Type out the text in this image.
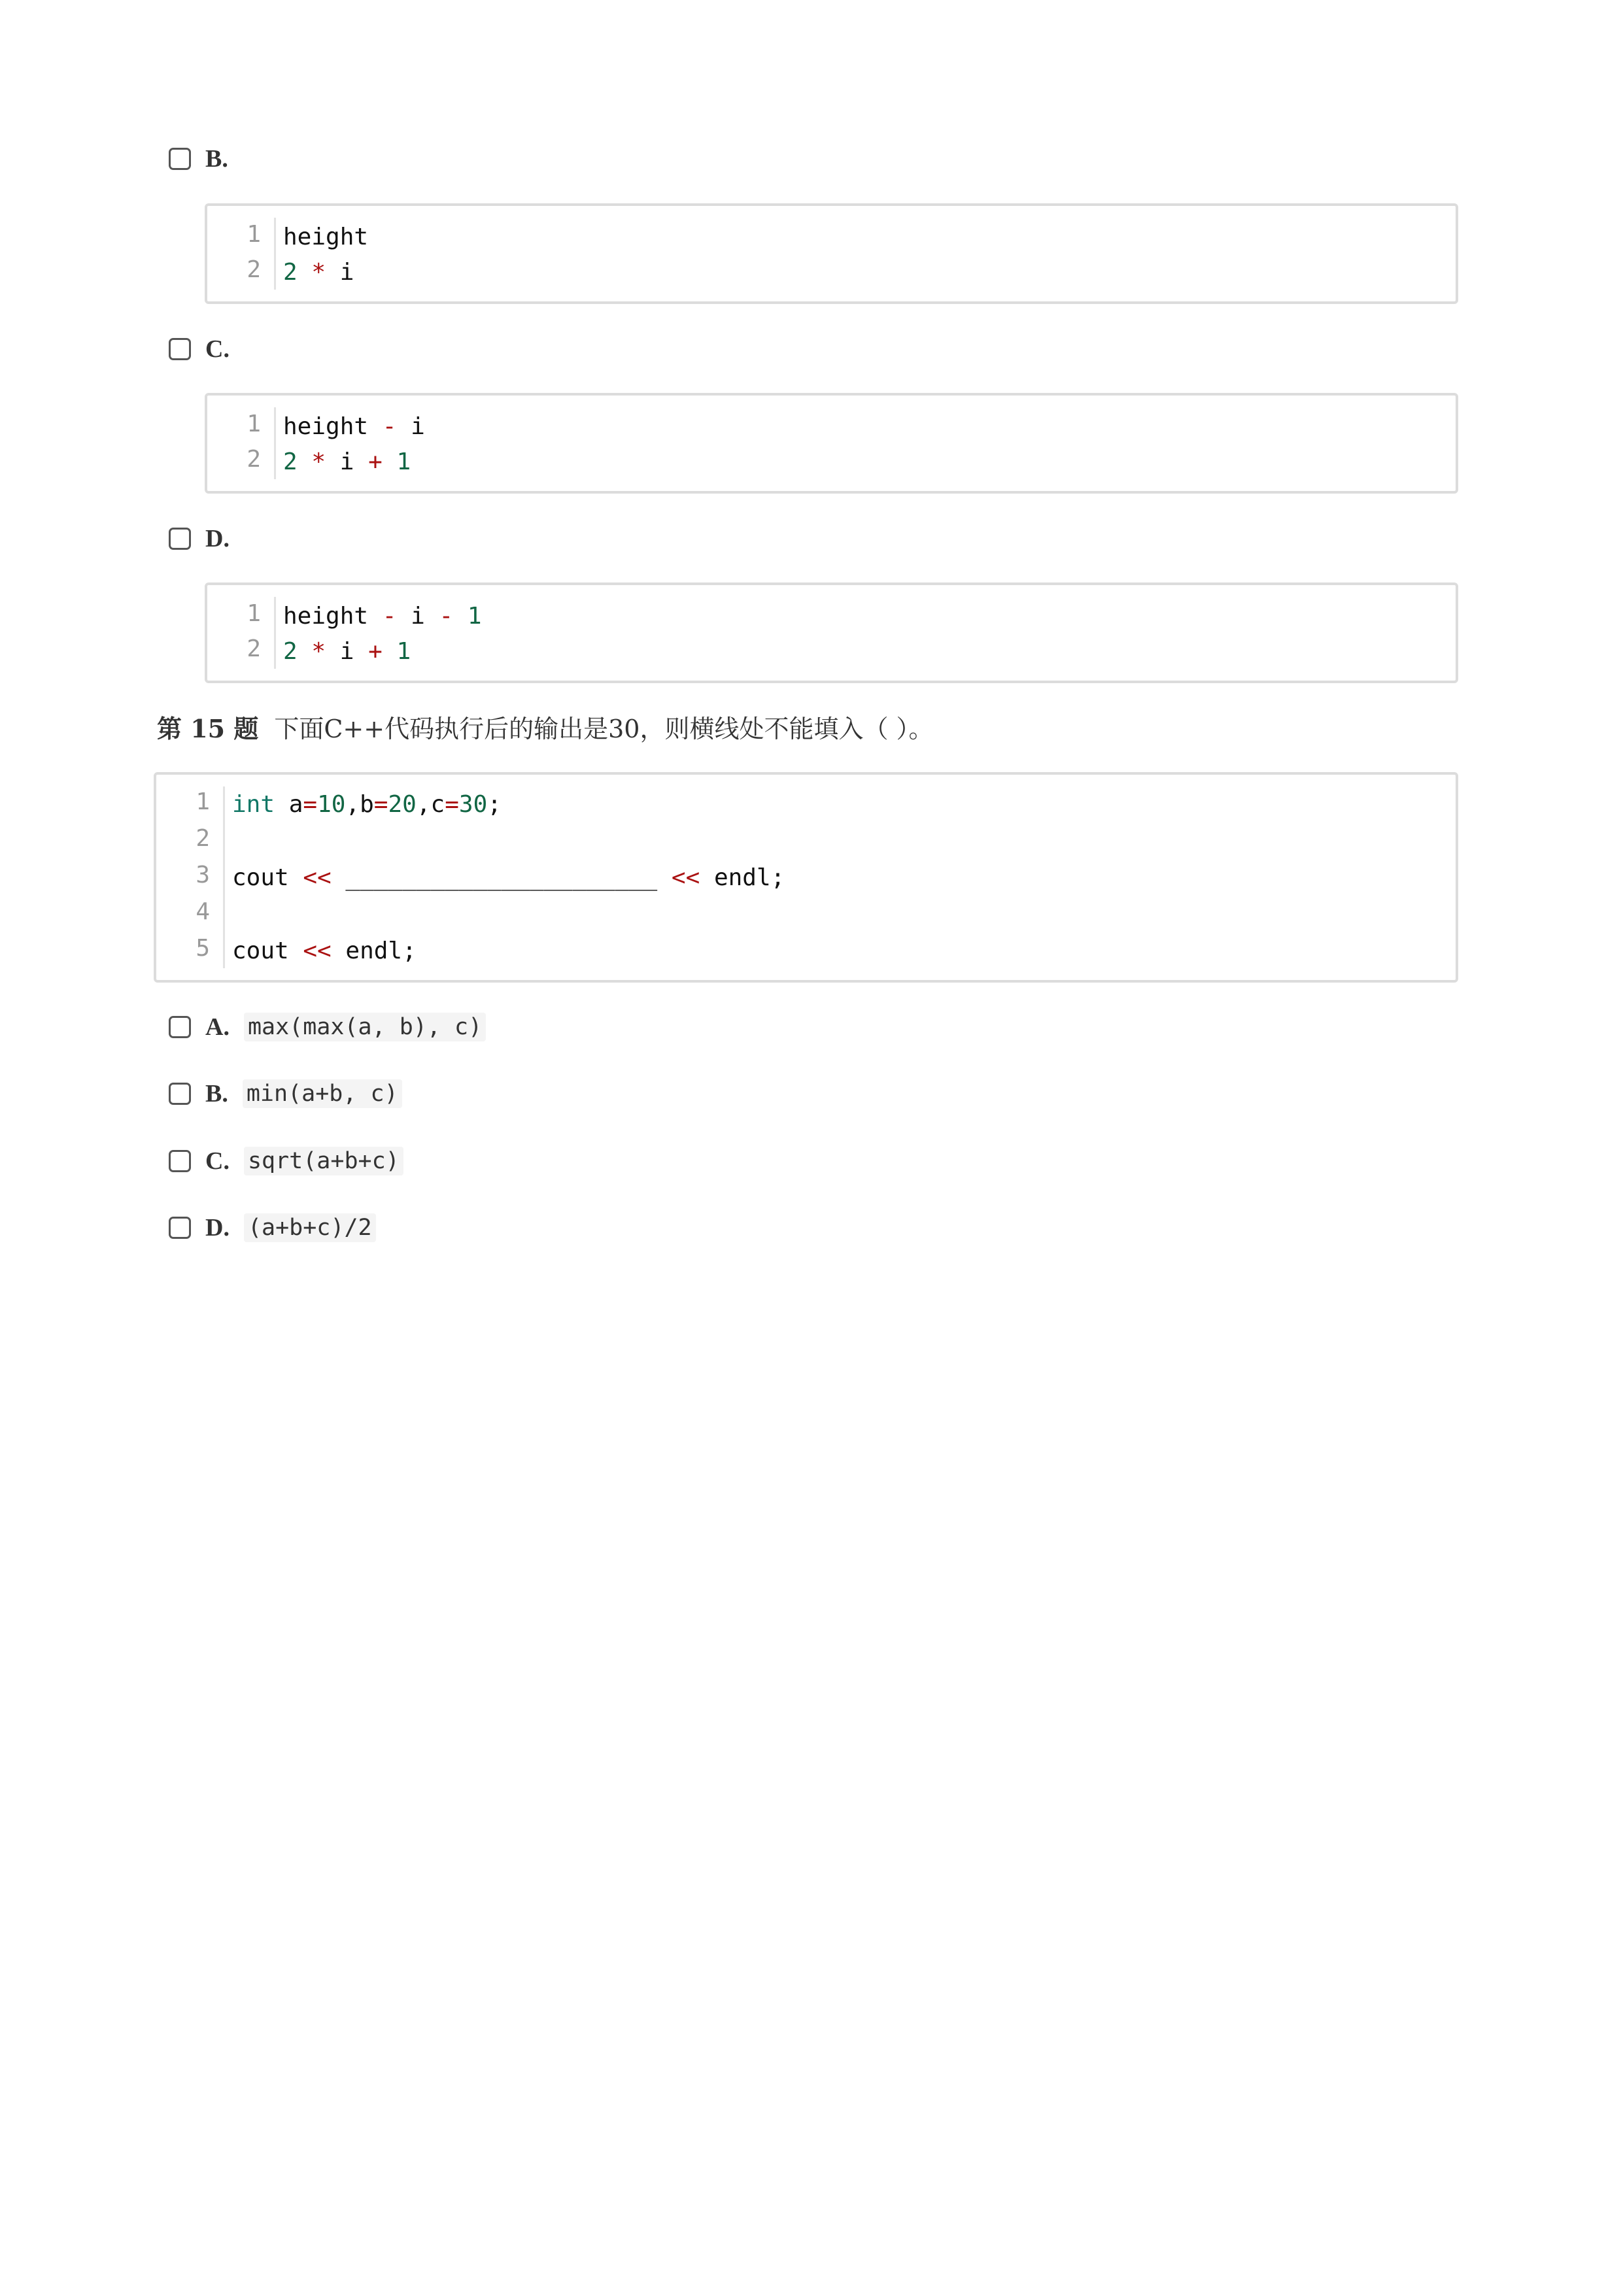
B.
1
2
height
2 * i
C.
1
2
height - i
2 * i + 1
D.
1
2
height - i - 1
2 * i + 1
第 15 题 下面C++代码执行后的输出是30，则横线处不能填入（ ）。
1
2
3
4
5
int a=10,b=20,c=30;
cout << ______________________ << endl;
cout << endl;
A. max(max(a, b), c)
B. min(a+b, c)
C. sqrt(a+b+c)
D. (a+b+c)/2
